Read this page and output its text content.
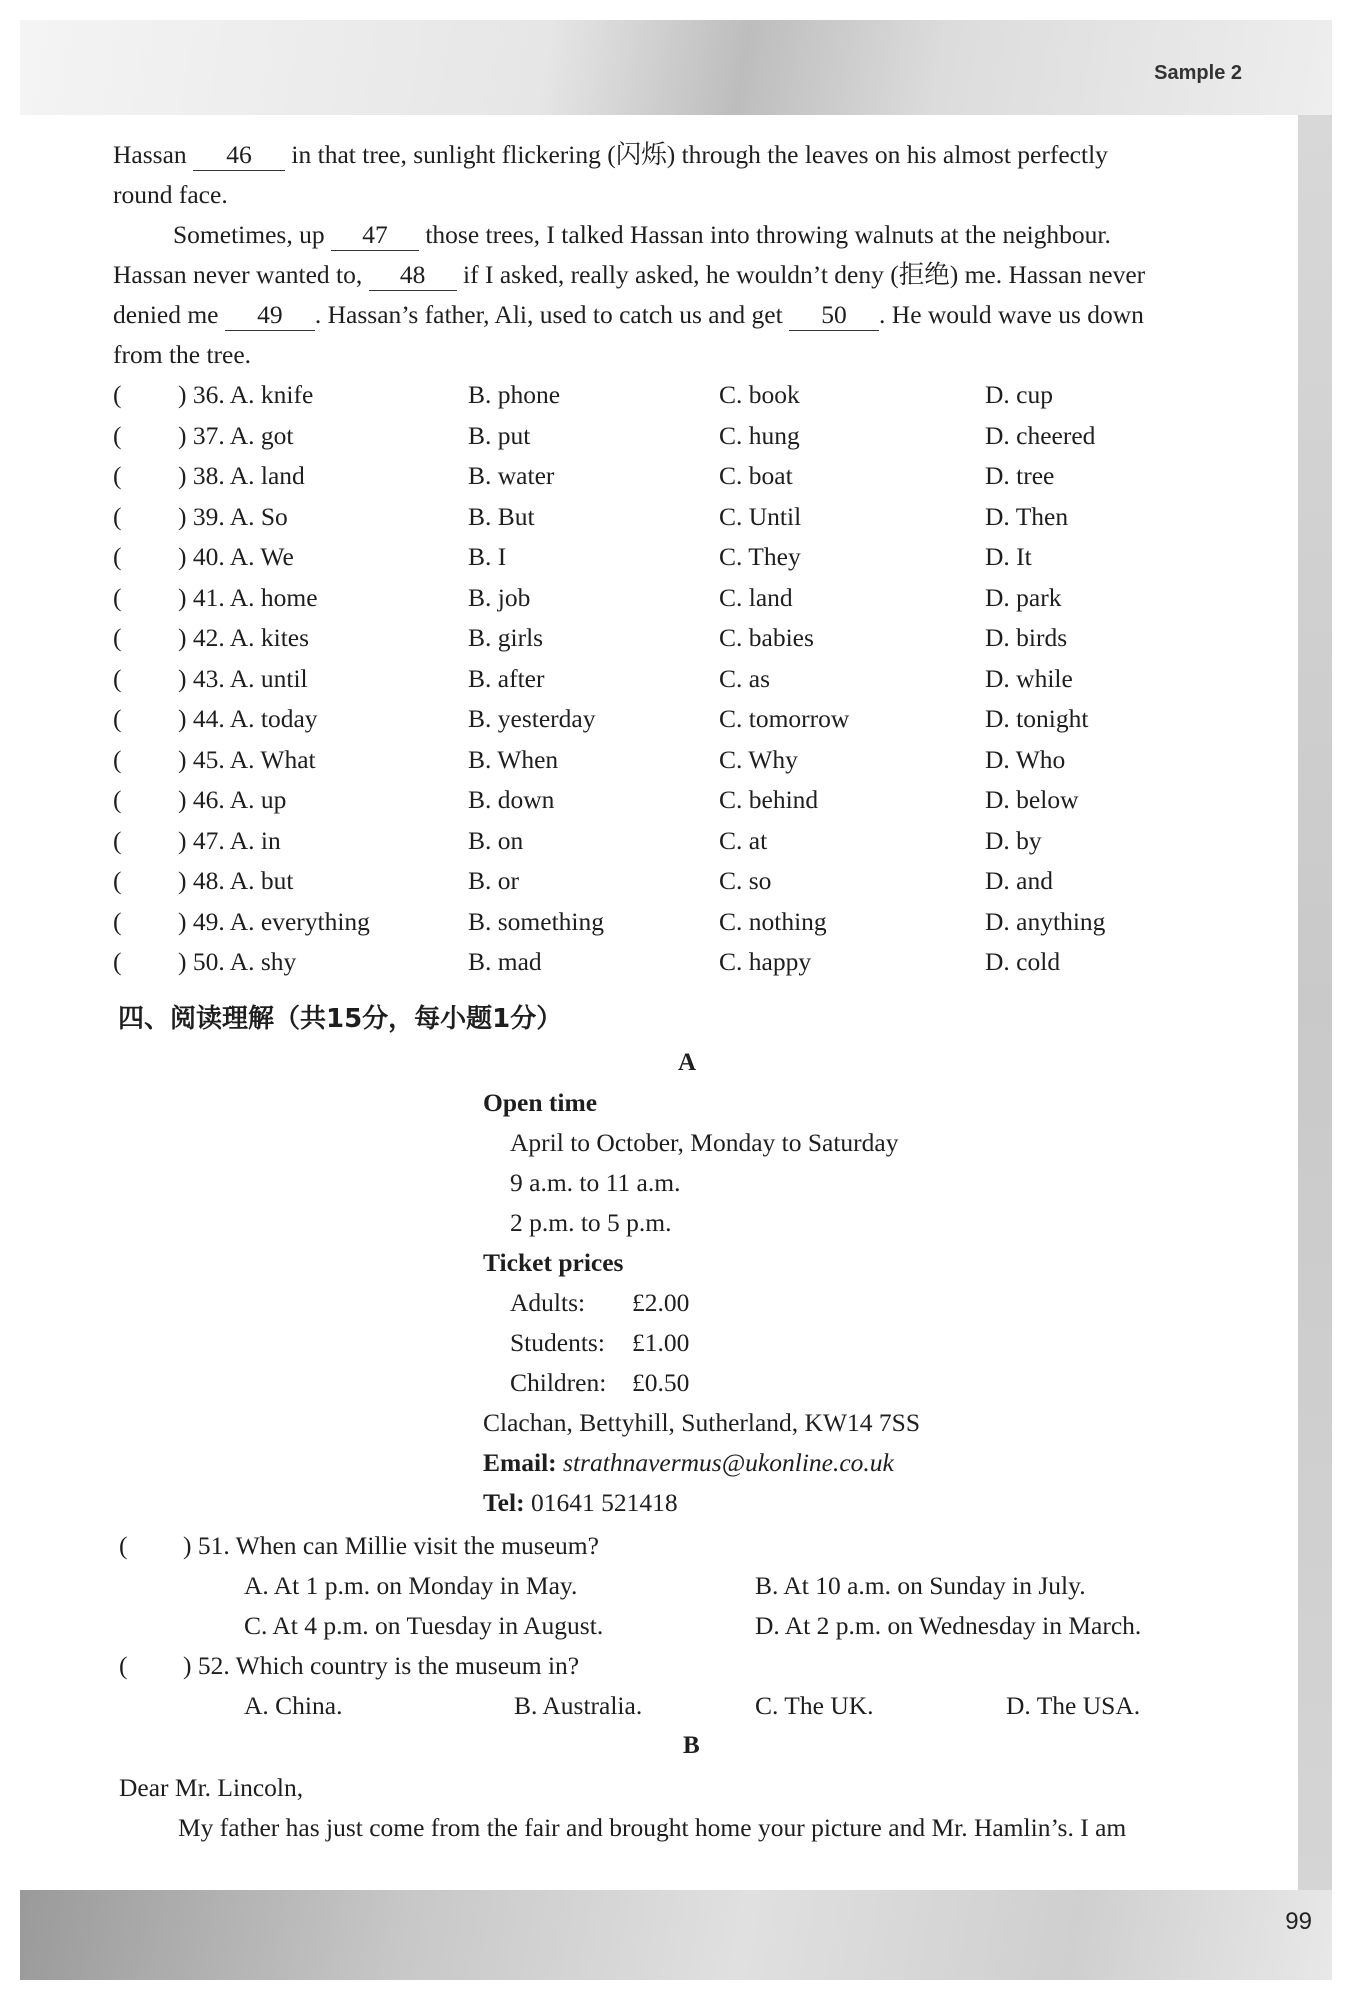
Sample 2
99
Hassan 46 in that tree, sunlight flickering (闪烁) through the leaves on his almost perfectly
round face.
Sometimes, up 47 those trees, I talked Hassan into throwing walnuts at the neighbour.
Hassan never wanted to, 48 if I asked, really asked, he wouldn’t deny (拒绝) me. Hassan never
denied me 49 . Hassan’s father, Ali, used to catch us and get 50 . He would wave us down
from the tree.
( ) 36. A. knife	B. phone	C. book	D. cup
( ) 37. A. got	B. put	C. hung	D. cheered
( ) 38. A. land	B. water	C. boat	D. tree
( ) 39. A. So	B. But	C. Until	D. Then
( ) 40. A. We	B. I	C. They	D. It
( ) 41. A. home	B. job	C. land	D. park
( ) 42. A. kites	B. girls	C. babies	D. birds
( ) 43. A. until	B. after	C. as	D. while
( ) 44. A. today	B. yesterday	C. tomorrow	D. tonight
( ) 45. A. What	B. When	C. Why	D. Who
( ) 46. A. up	B. down	C. behind	D. below
( ) 47. A. in	B. on	C. at	D. by
( ) 48. A. but	B. or	C. so	D. and
( ) 49. A. everything	B. something	C. nothing	D. anything
( ) 50. A. shy	B. mad	C. happy	D. cold
四、阅读理解（共15分，每小题1分）
A
Open time
April to October, Monday to Saturday
9 a.m. to 11 a.m.
2 p.m. to 5 p.m.
Ticket prices
Adults: £2.00
Students: £1.00
Children: £0.50
Clachan, Bettyhill, Sutherland, KW14 7SS
Email: strathnavermus@ukonline.co.uk
Tel: 01641 521418
( ) 51. When can Millie visit the museum?
A. At 1 p.m. on Monday in May.	B. At 10 a.m. on Sunday in July.
C. At 4 p.m. on Tuesday in August.	D. At 2 p.m. on Wednesday in March.
( ) 52. Which country is the museum in?
A. China.	B. Australia.	C. The UK.	D. The USA.
B
Dear Mr. Lincoln,
My father has just come from the fair and brought home your picture and Mr. Hamlin’s. I am
